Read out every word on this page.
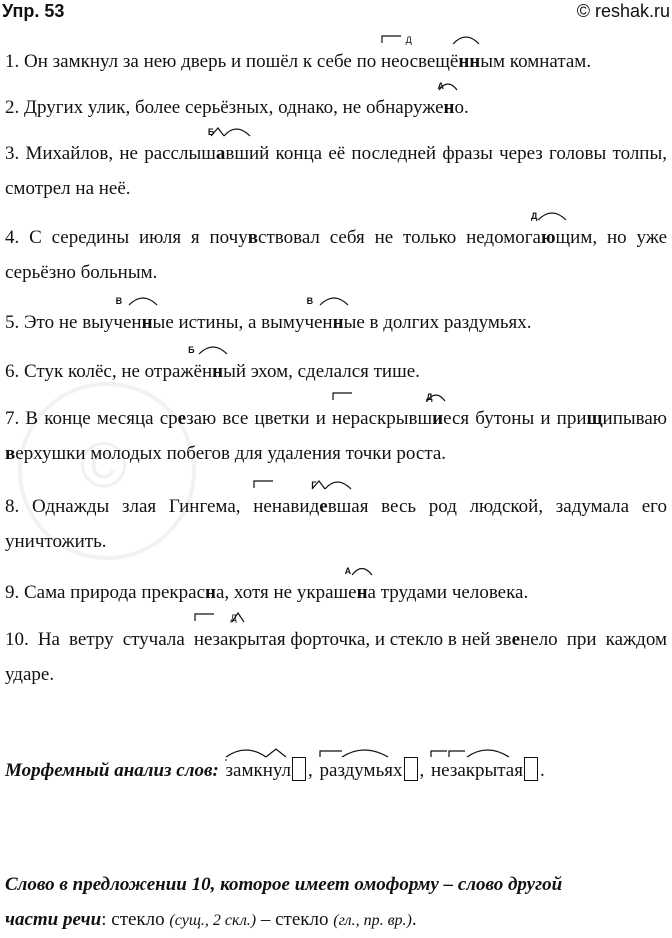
Упр. 53	© reshak.ru
©
1. Он замкнул за нею дверь и пошёл к себе по
не
Д
освещё
нным комнатам.
2. Других улик, более серьёзных, однако, не обнаруже
А
но.
3. Михайлов, не расслыш
Б
авший конца её последней фразы через головы толпы, смотрел на неё.
4. С середины июля я почувствовал себя не только недомога
Д
ющим, но уже серьёзно больным.
5. Это не выучен
В
ные истины, а вымучен
В
ные в долгих раздумьях.
6. Стук колёс, не отражён
Б
ный эхом, сделался тише.
7. В конце месяца срезаю все цветки и
нераскрывш
Д
иеся бутоны и прищипываю верхушки молодых побегов для удаления точки роста.
8. Однажды злая Гингема,
ненавид
Г
евшая весь род людской, задумала его уничтожить.
9. Сама природа прекрасна, хотя не украше
А
на трудами человека.
10. На ветру стучала
не
Д
закрытая форточка, и стекло в ней звенело при каждом ударе.
Морфемный анализ слов: замкнул , раздумьях , незакрытая .
Слово в предложении 10, которое имеет омоформу – слово другой
части речи: стекло (сущ., 2 скл.) – стекло (гл., пр. вр.).
